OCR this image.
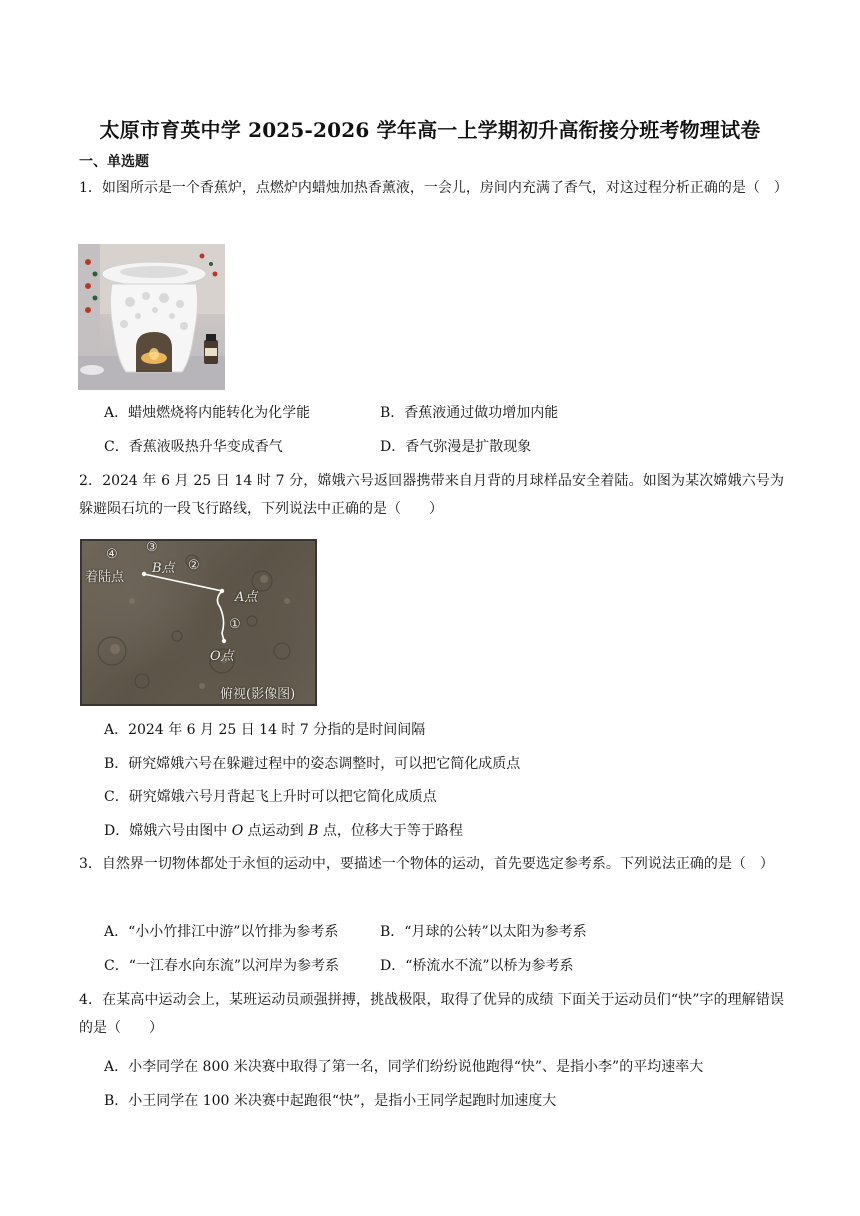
太原市育英中学 2025-2026 学年高一上学期初升高衔接分班考物理试卷
一、单选题
1．如图所示是一个香蕉炉，点燃炉内蜡烛加热香薰液，一会儿，房间内充满了香气，对这过程分析正确的是（　）
A．蜡烛燃烧将内能转化为化学能	B．香蕉液通过做功增加内能
C．香蕉液吸热升华变成香气	D．香气弥漫是扩散现象
2．2024 年 6 月 25 日 14 时 7 分，嫦娥六号返回器携带来自月背的月球样品安全着陆。如图为某次嫦娥六号为躲避陨石坑的一段飞行路线，下列说法中正确的是（　　）
④
着陆点
③
B点 ②
A点
①
O点
俯视(影像图)
A．2024 年 6 月 25 日 14 时 7 分指的是时间间隔
B．研究嫦娥六号在躲避过程中的姿态调整时，可以把它简化成质点
C．研究嫦娥六号月背起飞上升时可以把它简化成质点
D．嫦娥六号由图中 O 点运动到 B 点，位移大于等于路程
3．自然界一切物体都处于永恒的运动中，要描述一个物体的运动，首先要选定参考系。下列说法正确的是（　）
A．“小小竹排江中游”以竹排为参考系	B．“月球的公转”以太阳为参考系
C．“一江春水向东流”以河岸为参考系	D．“桥流水不流”以桥为参考系
4．在某高中运动会上，某班运动员顽强拼搏，挑战极限，取得了优异的成绩 下面关于运动员们“快”字的理解错误的是（　　）
A．小李同学在 800 米决赛中取得了第一名，同学们纷纷说他跑得“快”、是指小李”的平均速率大
B．小王同学在 100 米决赛中起跑很“快”，是指小王同学起跑时加速度大
